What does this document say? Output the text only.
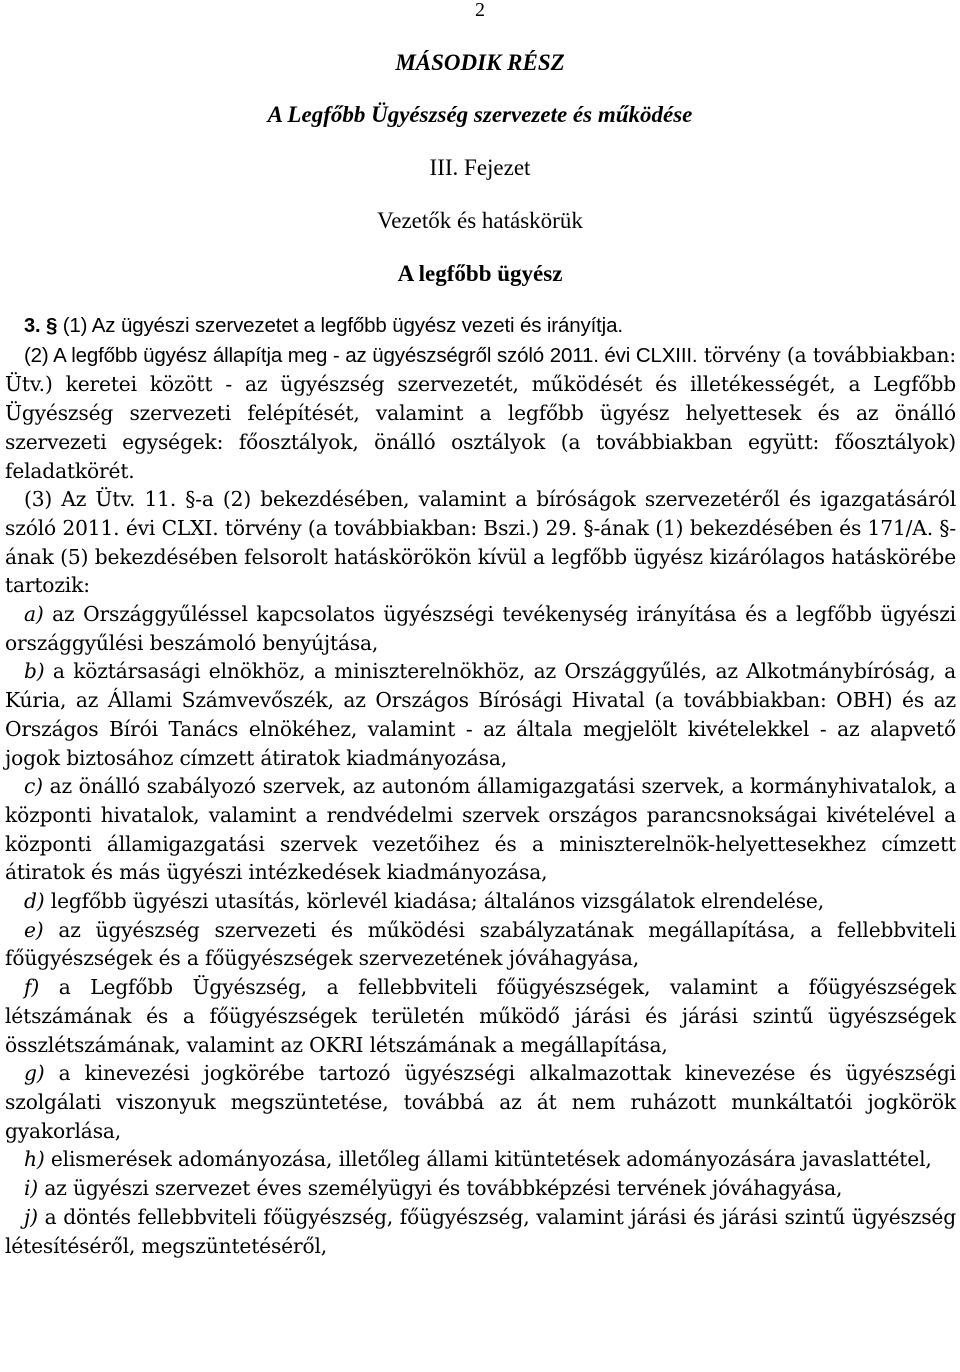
2
MÁSODIK RÉSZ
A Legfőbb Ügyészség szervezete és működése
III. Fejezet
Vezetők és hatáskörük
A legfőbb ügyész

3. § (1) Az ügyészi szervezetet a legfőbb ügyész vezeti és irányítja.

(2) A legfőbb ügyész állapítja meg - az ügyészségről szóló 2011. évi CLXIII. törvény (a továbbiakban: Ütv.) keretei között - az ügyészség szervezetét, működését és illetékességét, a Legfőbb Ügyészség szervezeti felépítését, valamint a legfőbb ügyész helyettesek és az önálló szervezeti egységek: főosztályok, önálló osztályok (a továbbiakban együtt: főosztályok) feladatkörét.

(3) Az Ütv. 11. §-a (2) bekezdésében, valamint a bíróságok szervezetéről és igazgatásáról szóló 2011. évi CLXI. törvény (a továbbiakban: Bszi.) 29. §-ának (1) bekezdésében és 171/A. §-ának (5) bekezdésében felsorolt hatáskörökön kívül a legfőbb ügyész kizárólagos hatáskörébe tartozik:

a) az Országgyűléssel kapcsolatos ügyészségi tevékenység irányítása és a legfőbb ügyészi országgyűlési beszámoló benyújtása,

b) a köztársasági elnökhöz, a miniszterelnökhöz, az Országgyűlés, az Alkotmánybíróság, a Kúria, az Állami Számvevőszék, az Országos Bírósági Hivatal (a továbbiakban: OBH) és az Országos Bírói Tanács elnökéhez, valamint - az általa megjelölt kivételekkel - az alapvető jogok biztosához címzett átiratok kiadmányozása,

c) az önálló szabályozó szervek, az autonóm államigazgatási szervek, a kormányhivatalok, a központi hivatalok, valamint a rendvédelmi szervek országos parancsnokságai kivételével a központi államigazgatási szervek vezetőihez és a miniszterelnök-helyettesekhez címzett átiratok és más ügyészi intézkedések kiadmányozása,

d) legfőbb ügyészi utasítás, körlevél kiadása; általános vizsgálatok elrendelése,

e) az ügyészség szervezeti és működési szabályzatának megállapítása, a fellebbviteli főügyészségek és a főügyészségek szervezetének jóváhagyása,

f) a Legfőbb Ügyészség, a fellebbviteli főügyészségek, valamint a főügyészségek létszámának és a főügyészségek területén működő járási és járási szintű ügyészségek összlétszámának, valamint az OKRI létszámának a megállapítása,

g) a kinevezési jogkörébe tartozó ügyészségi alkalmazottak kinevezése és ügyészségi szolgálati viszonyuk megszüntetése, továbbá az át nem ruházott munkáltatói jogkörök gyakorlása,

h) elismerések adományozása, illetőleg állami kitüntetések adományozására javaslattétel,

i) az ügyészi szervezet éves személyügyi és továbbképzési tervének jóváhagyása,

j) a döntés fellebbviteli főügyészség, főügyészség, valamint járási és járási szintű ügyészség létesítéséről, megszüntetéséről,
